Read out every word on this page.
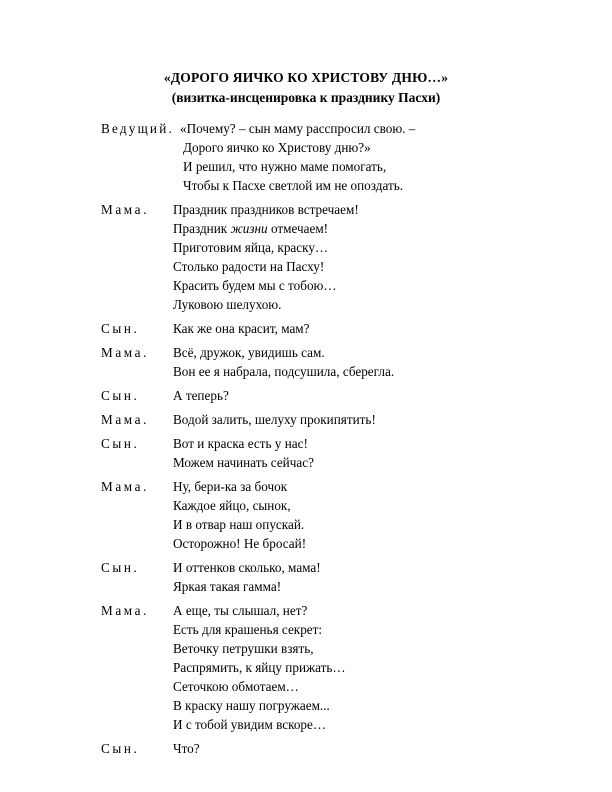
«ДОРОГО ЯИЧКО КО ХРИСТОВУ ДНЮ…»
(визитка-инсценировка к празднику Пасхи)
Ведущий. «Почему? – сын маму расспросил свою. –
Дорого яичко ко Христову дню?»
И решил, что нужно маме помогать,
Чтобы к Пасхе светлой им не опоздать.
Мама.	Праздник праздников встречаем!
Праздник жизни отмечаем!
Приготовим яйца, краску…
Столько радости на Пасху!
Красить будем мы с тобою…
Луковою шелухою.
Сын.	Как же она красит, мам?
Мама.	Всё, дружок, увидишь сам.
Вон ее я набрала, подсушила, сберегла.
Сын.	А теперь?
Мама.	Водой залить, шелуху прокипятить!
Сын.	Вот и краска есть у нас!
Можем начинать сейчас?
Мама.	Ну, бери-ка за бочок
Каждое яйцо, сынок,
И в отвар наш опускай.
Осторожно! Не бросай!
Сын.	И оттенков сколько, мама!
Яркая такая гамма!
Мама.	А еще, ты слышал, нет?
Есть для крашенья секрет:
Веточку петрушки взять,
Распрямить, к яйцу прижать…
Сеточкою обмотаем…
В краску нашу погружаем...
И с тобой увидим вскоре…
Сын.	Что?
